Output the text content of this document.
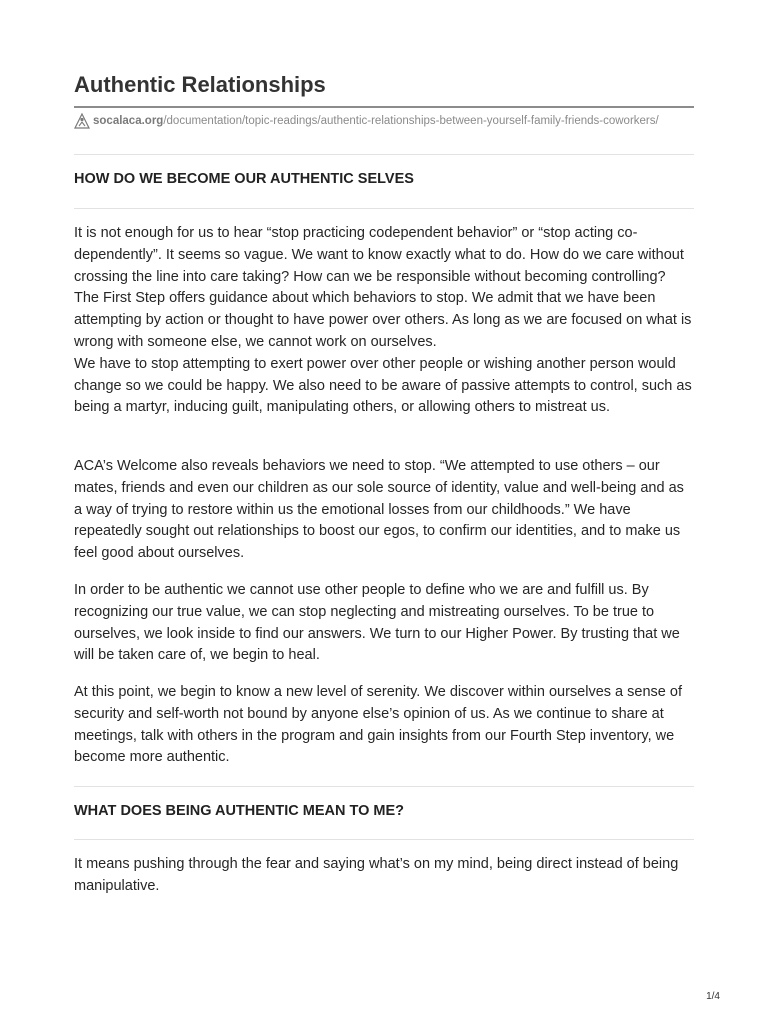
Authentic Relationships
socalaca.org /documentation/topic-readings/authentic-relationships-between-yourself-family-friends-coworkers/
HOW DO WE BECOME OUR AUTHENTIC SELVES

It is not enough for us to hear “stop practicing codependent behavior” or “stop acting co-dependently”. It seems so vague. We want to know exactly what to do. How do we care without crossing the line into care taking? How can we be responsible without becoming controlling? The First Step offers guidance about which behaviors to stop. We admit that we have been attempting by action or thought to have power over others. As long as we are focused on what is wrong with someone else, we cannot work on ourselves.

We have to stop attempting to exert power over other people or wishing another person would change so we could be happy. We also need to be aware of passive attempts to control, such as being a martyr, inducing guilt, manipulating others, or allowing others to mistreat us.

ACA’s Welcome also reveals behaviors we need to stop. “We attempted to use others – our mates, friends and even our children as our sole source of identity, value and well-being and as a way of trying to restore within us the emotional losses from our childhoods.” We have repeatedly sought out relationships to boost our egos, to confirm our identities, and to make us feel good about ourselves.

In order to be authentic we cannot use other people to define who we are and fulfill us. By recognizing our true value, we can stop neglecting and mistreating ourselves. To be true to ourselves, we look inside to find our answers. We turn to our Higher Power. By trusting that we will be taken care of, we begin to heal.

At this point, we begin to know a new level of serenity. We discover within ourselves a sense of security and self-worth not bound by anyone else’s opinion of us. As we continue to share at meetings, talk with others in the program and gain insights from our Fourth Step inventory, we become more authentic.

WHAT DOES BEING AUTHENTIC MEAN TO ME?

It means pushing through the fear and saying what’s on my mind, being direct instead of being manipulative.

1/4
